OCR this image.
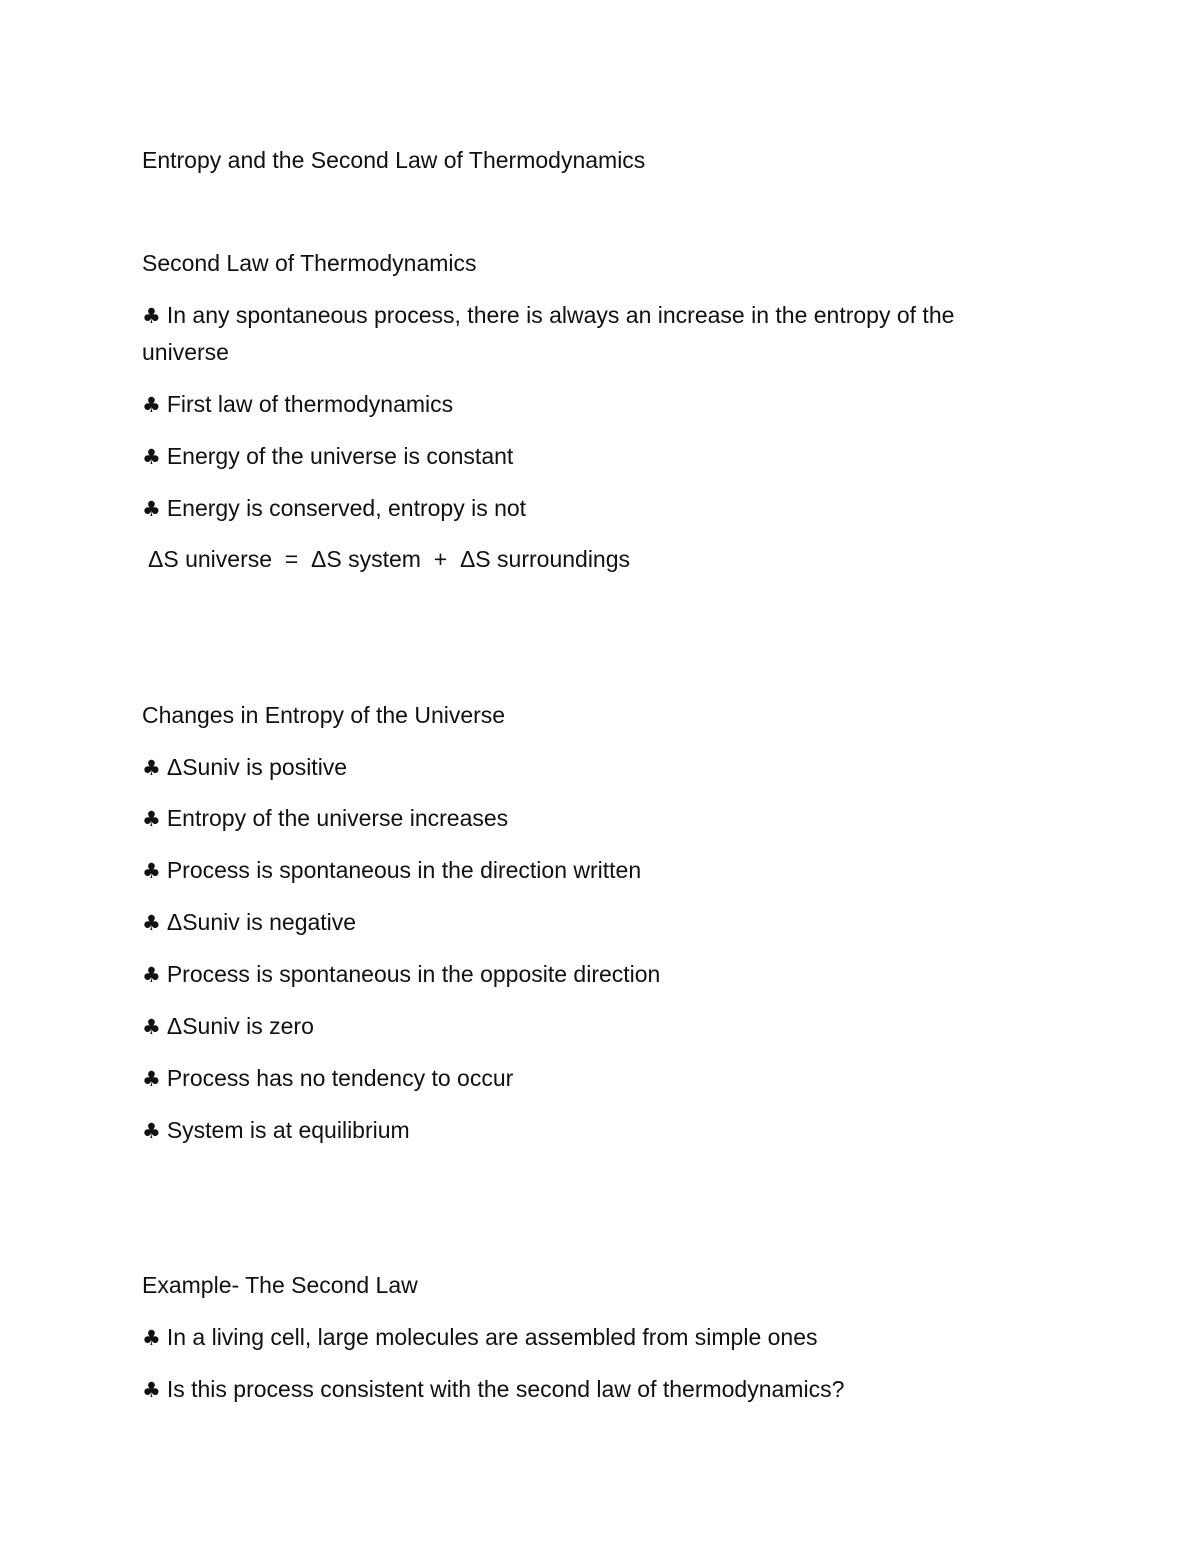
Entropy and the Second Law of Thermodynamics
Second Law of Thermodynamics
♣ In any spontaneous process, there is always an increase in the entropy of the universe
♣ First law of thermodynamics
♣ Energy of the universe is constant
♣ Energy is conserved, entropy is not
ΔS universe  =  ΔS system  +  ΔS surroundings
Changes in Entropy of the Universe
♣ ΔSuniv is positive
♣ Entropy of the universe increases
♣ Process is spontaneous in the direction written
♣ ΔSuniv is negative
♣ Process is spontaneous in the opposite direction
♣ ΔSuniv is zero
♣ Process has no tendency to occur
♣ System is at equilibrium
Example- The Second Law
♣ In a living cell, large molecules are assembled from simple ones
♣ Is this process consistent with the second law of thermodynamics?
